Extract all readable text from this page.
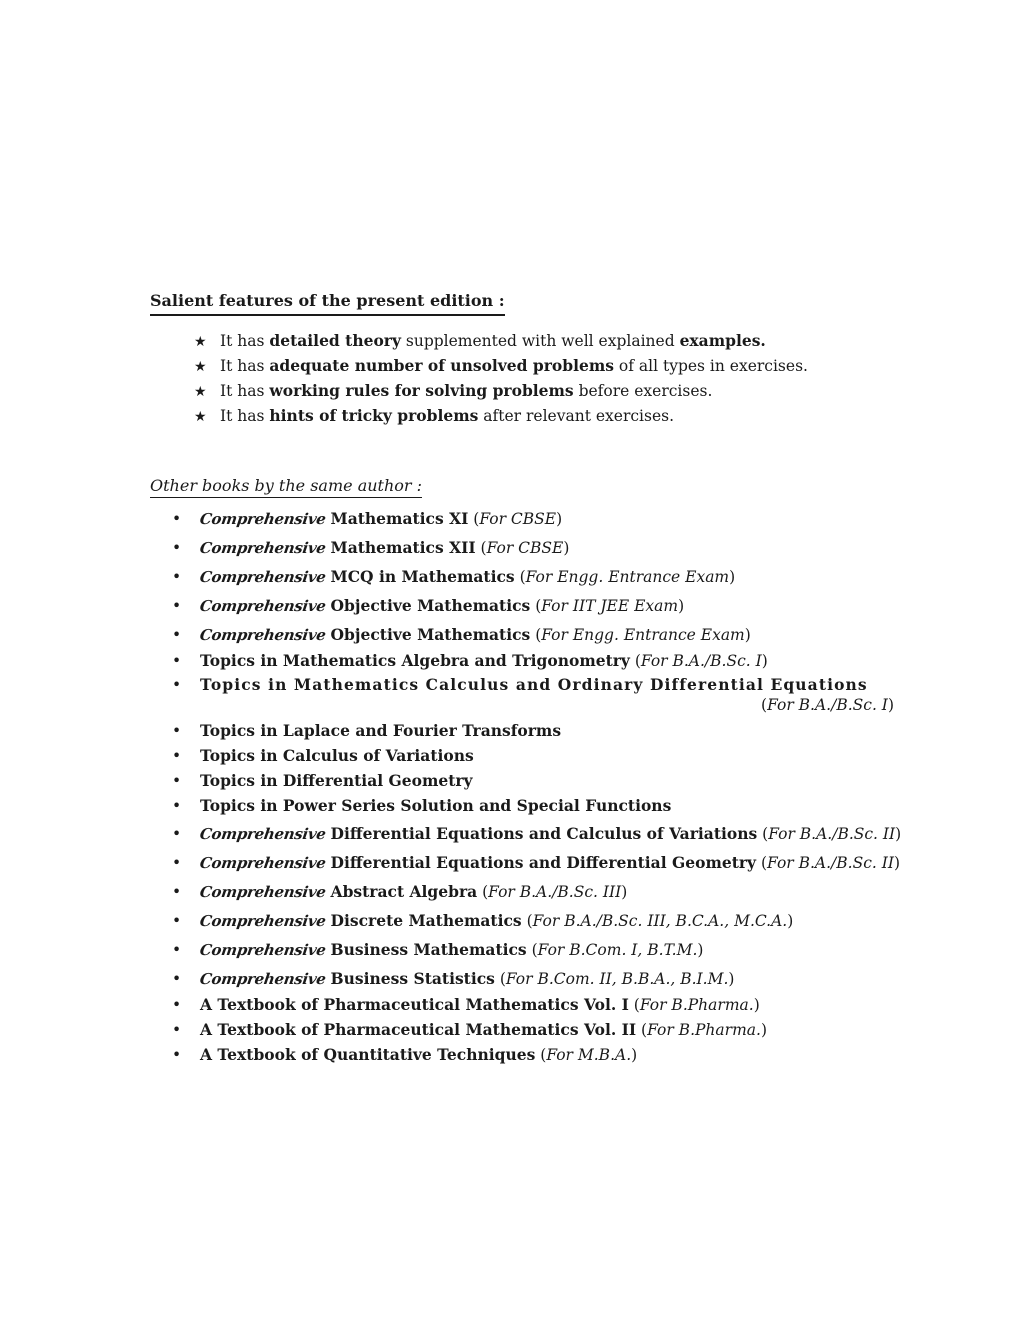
Salient features of the present edition :
★ It has detailed theory supplemented with well explained examples.
★ It has adequate number of unsolved problems of all types in exercises.
★ It has working rules for solving problems before exercises.
★ It has hints of tricky problems after relevant exercises.
Other books by the same author :
•	Comprehensive Mathematics XI (For CBSE)
•	Comprehensive Mathematics XII (For CBSE)
•	Comprehensive MCQ in Mathematics (For Engg. Entrance Exam)
•	Comprehensive Objective Mathematics (For IIT JEE Exam)
•	Comprehensive Objective Mathematics (For Engg. Entrance Exam)
•	Topics in Mathematics Algebra and Trigonometry (For B.A./B.Sc. I)
•	Topics in Mathematics Calculus and Ordinary Differential Equations
(For B.A./B.Sc. I)
•	Topics in Laplace and Fourier Transforms
•	Topics in Calculus of Variations
•	Topics in Differential Geometry
•	Topics in Power Series Solution and Special Functions
•	Comprehensive Differential Equations and Calculus of Variations (For B.A./B.Sc. II)
•	Comprehensive Differential Equations and Differential Geometry (For B.A./B.Sc. II)
•	Comprehensive Abstract Algebra (For B.A./B.Sc. III)
•	Comprehensive Discrete Mathematics (For B.A./B.Sc. III, B.C.A., M.C.A.)
•	Comprehensive Business Mathematics (For B.Com. I, B.T.M.)
•	Comprehensive Business Statistics (For B.Com. II, B.B.A., B.I.M.)
•	A Textbook of Pharmaceutical Mathematics Vol. I (For B.Pharma.)
•	A Textbook of Pharmaceutical Mathematics Vol. II (For B.Pharma.)
•	A Textbook of Quantitative Techniques (For M.B.A.)
